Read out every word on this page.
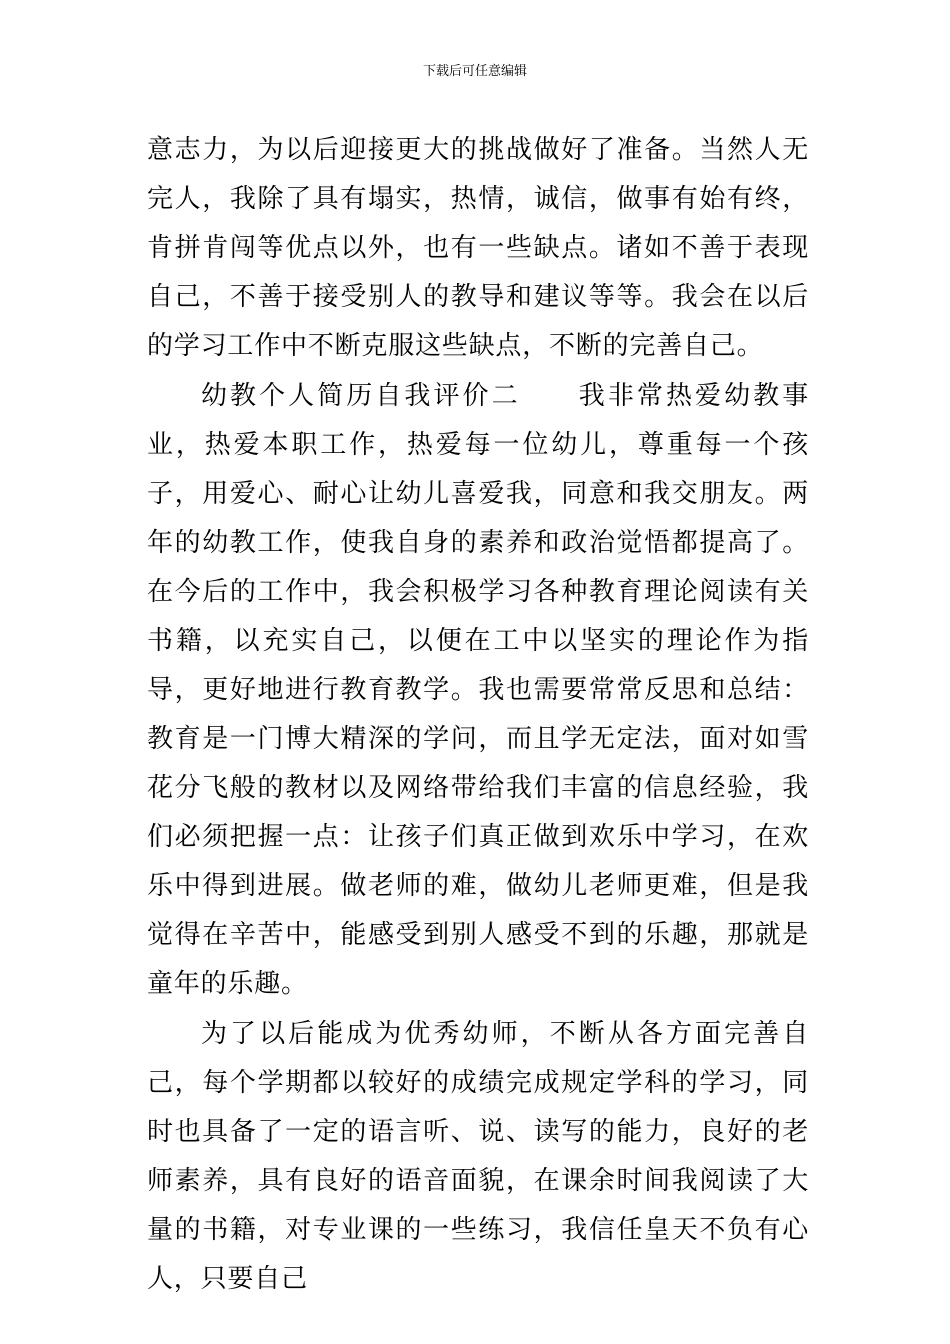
下载后可任意编辑

意志力，为以后迎接更大的挑战做好了准备。当然人无完人，我除了具有塌实，热情，诚信，做事有始有终，肯拼肯闯等优点以外，也有一些缺点。诸如不善于表现自己，不善于接受别人的教导和建议等等。我会在以后的学习工作中不断克服这些缺点，不断的完善自己。

幼教个人简历自我评价二　　我非常热爱幼教事业，热爱本职工作，热爱每一位幼儿，尊重每一个孩子，用爱心、耐心让幼儿喜爱我，同意和我交朋友。两年的幼教工作，使我自身的素养和政治觉悟都提高了。在今后的工作中，我会积极学习各种教育理论阅读有关书籍，以充实自己，以便在工中以坚实的理论作为指导，更好地进行教育教学。我也需要常常反思和总结：教育是一门博大精深的学问，而且学无定法，面对如雪花分飞般的教材以及网络带给我们丰富的信息经验，我们必须把握一点：让孩子们真正做到欢乐中学习，在欢乐中得到进展。做老师的难，做幼儿老师更难，但是我觉得在辛苦中，能感受到别人感受不到的乐趣，那就是童年的乐趣。

为了以后能成为优秀幼师，不断从各方面完善自己，每个学期都以较好的成绩完成规定学科的学习，同时也具备了一定的语言听、说、读写的能力，良好的老师素养，具有良好的语音面貌，在课余时间我阅读了大量的书籍，对专业课的一些练习，我信任皇天不负有心人，只要自己
